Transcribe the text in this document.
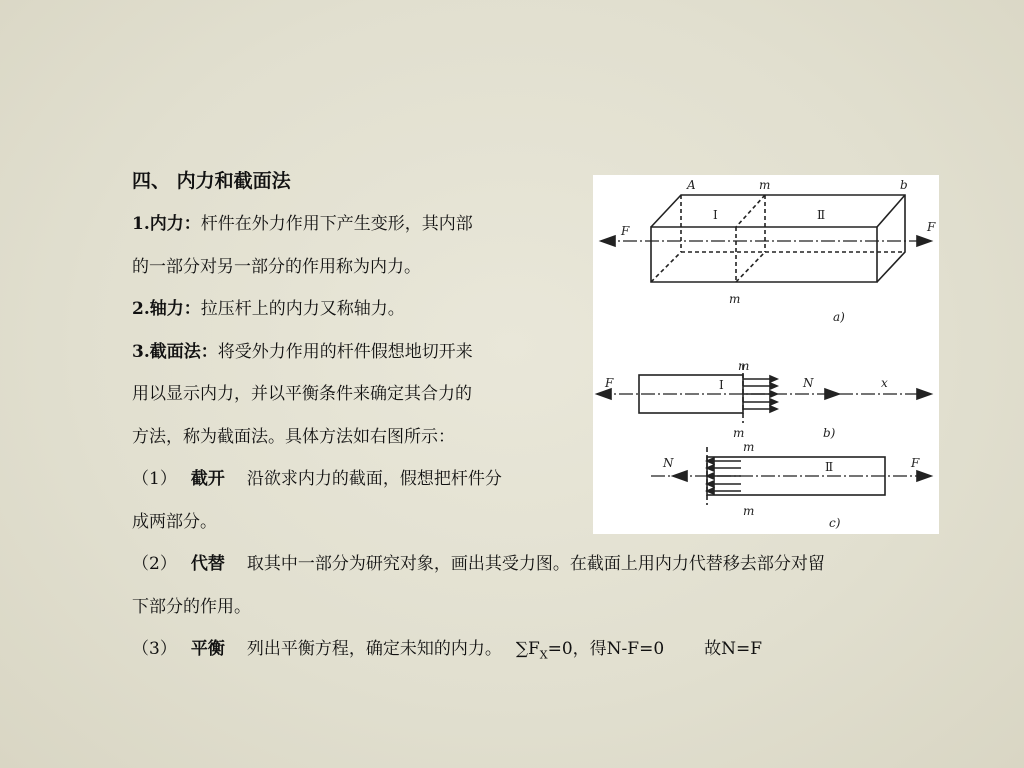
四、 内力和截面法
1.内力：杆件在外力作用下产生变形，其内部
的一部分对另一部分的作用称为内力。
2.轴力：拉压杆上的内力又称轴力。
3.截面法：将受外力作用的杆件假想地切开来
用以显示内力，并以平衡条件来确定其合力的
方法，称为截面法。具体方法如右图所示：
（1） 截开 沿欲求内力的截面，假想把杆件分
成两部分。
（2） 代替 取其中一部分为研究对象，画出其受力图。在截面上用内力代替移去部分对留
下部分的作用。
（3） 平衡 列出平衡方程，确定未知的内力。 $\sum F_X=0$，得N-F=0 故N=F
A	m	b
Ⅰ	Ⅱ
F	F
m
a)
m
Ⅰ	N	x
F
m	b)
m
N	Ⅱ	F
m
c)
